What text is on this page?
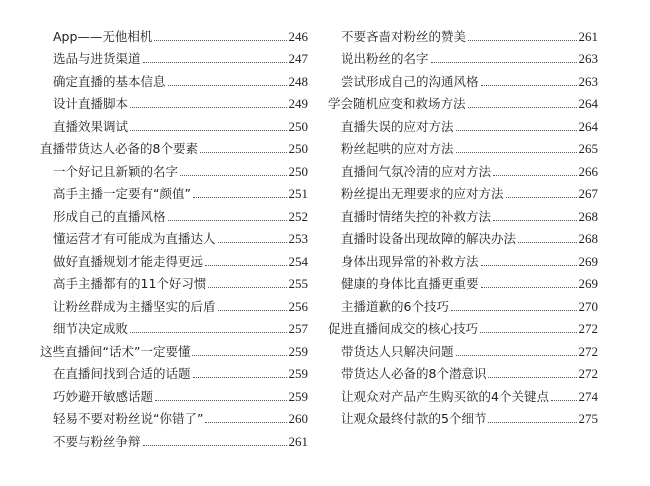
App——无他相机	246
选品与进货渠道	247
确定直播的基本信息	248
设计直播脚本	249
直播效果调试	250
直播带货达人必备的8个要素	250
一个好记且新颖的名字	250
高手主播一定要有“颜值”	251
形成自己的直播风格	252
懂运营才有可能成为直播达人	253
做好直播规划才能走得更远	254
高手主播都有的11个好习惯	255
让粉丝群成为主播坚实的后盾	256
细节决定成败	257
这些直播间“话术”一定要懂	259
在直播间找到合适的话题	259
巧妙避开敏感话题	259
轻易不要对粉丝说“你错了”	260
不要与粉丝争辩	261
不要吝啬对粉丝的赞美	261
说出粉丝的名字	263
尝试形成自己的沟通风格	263
学会随机应变和救场方法	264
直播失误的应对方法	264
粉丝起哄的应对方法	265
直播间气氛冷清的应对方法	266
粉丝提出无理要求的应对方法	267
直播时情绪失控的补救方法	268
直播时设备出现故障的解决办法	268
身体出现异常的补救方法	269
健康的身体比直播更重要	269
主播道歉的6个技巧	270
促进直播间成交的核心技巧	272
带货达人只解决问题	272
带货达人必备的8个潜意识	272
让观众对产品产生购买欲的4个关键点 274
让观众最终付款的5个细节	275
